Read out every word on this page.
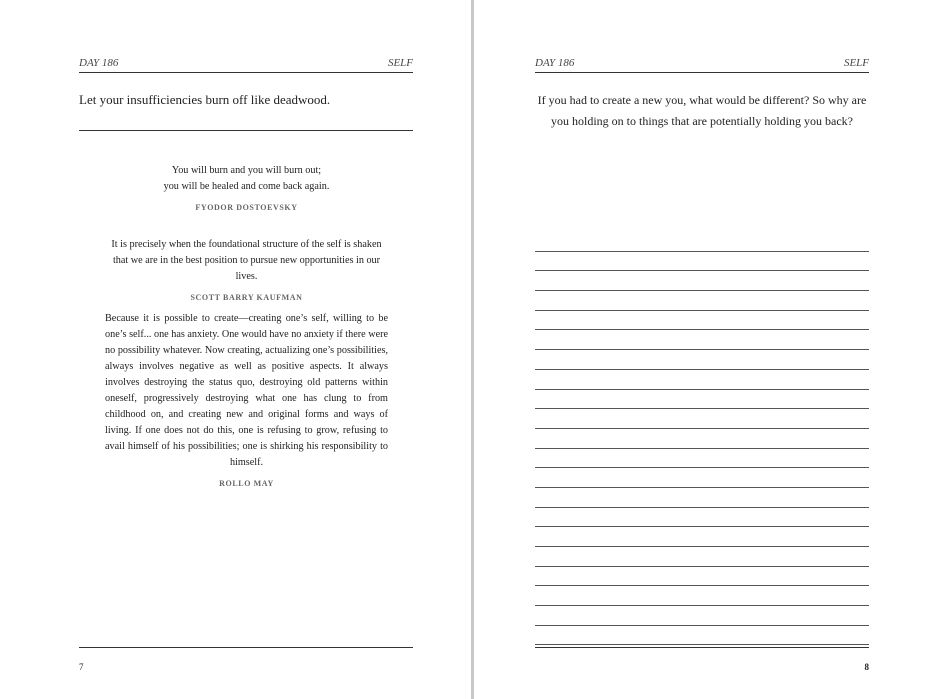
DAY 186	SELF
Let your insufficiencies burn off like deadwood.
You will burn and you will burn out;
you will be healed and come back again.
FYODOR DOSTOEVSKY
It is precisely when the foundational structure of the self is shaken that we are in the best position to pursue new opportunities in our lives.
SCOTT BARRY KAUFMAN
Because it is possible to create—creating one’s self, willing to be one’s self... one has anxiety. One would have no anxiety if there were no possibility whatever. Now creating, actualizing one’s possibilities, always involves negative as well as positive aspects. It always involves destroying the status quo, destroying old patterns within oneself, progressively destroying what one has clung to from childhood on, and creating new and original forms and ways of living. If one does not do this, one is refusing to grow, refusing to avail himself of his possibilities; one is shirking his responsibility to himself.
ROLLO MAY
7
DAY 186	SELF
If you had to create a new you, what would be different? So why are
you holding on to things that are potentially holding you back?
8
